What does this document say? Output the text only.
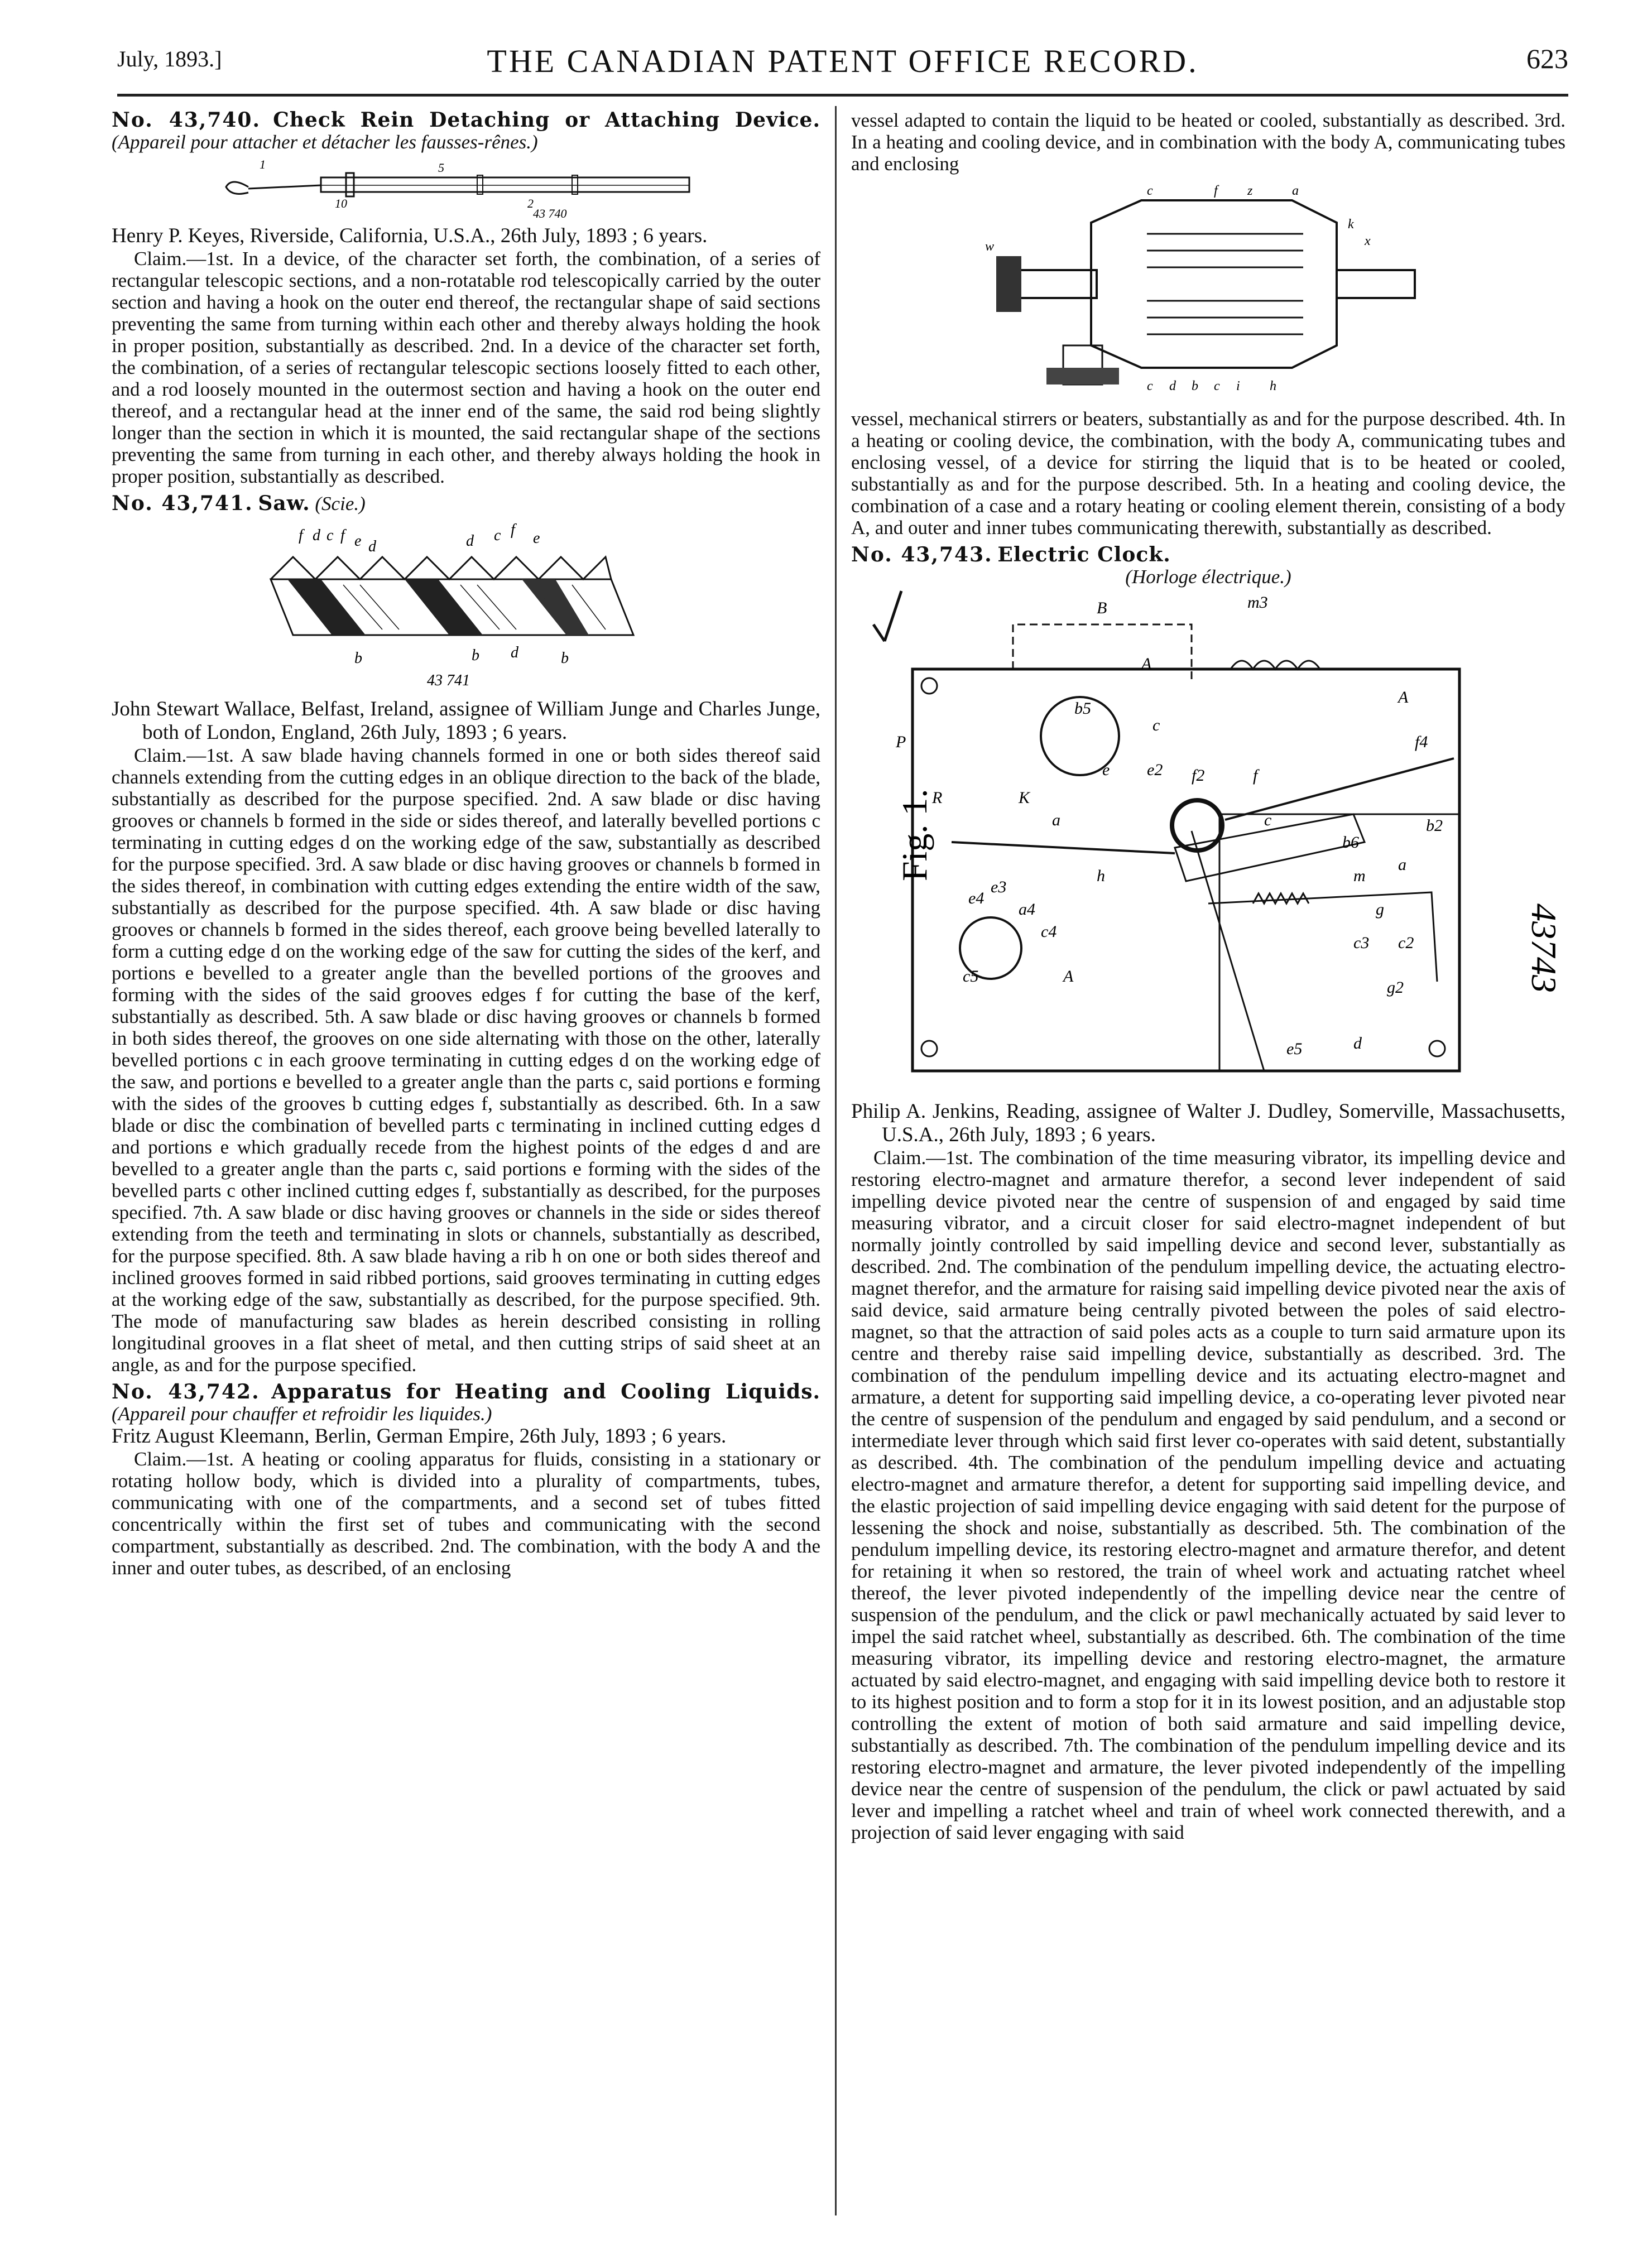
July, 1893.]	THE CANADIAN PATENT OFFICE RECORD.	623

No. 43,740. Check Rein Detaching or Attaching Device. (Appareil pour attacher et détacher les fausses-rênes.)

1
10
5
2
43 740

Henry P. Keyes, Riverside, California, U.S.A., 26th July, 1893 ; 6 years.

Claim.—1st. In a device, of the character set forth, the combination, of a series of rectangular telescopic sections, and a non-rotatable rod telescopically carried by the outer section and having a hook on the outer end thereof, the rectangular shape of said sections preventing the same from turning within each other and thereby always holding the hook in proper position, substantially as described. 2nd. In a device of the character set forth, the combination, of a series of rectangular telescopic sections loosely fitted to each other, and a rod loosely mounted in the outermost section and having a hook on the outer end thereof, and a rectangular head at the inner end of the same, the said rod being slightly longer than the section in which it is mounted, the said rectangular shape of the sections preventing the same from turning in each other, and thereby always holding the hook in proper position, substantially as described.

No. 43,741. Saw. (Scie.)

f d c f e d	d c f e
b	b d	b
43 741

John Stewart Wallace, Belfast, Ireland, assignee of William Junge and Charles Junge, both of London, England, 26th July, 1893 ; 6 years.

Claim.—1st. A saw blade having channels formed in one or both sides thereof said channels extending from the cutting edges in an oblique direction to the back of the blade, substantially as described for the purpose specified. 2nd. A saw blade or disc having grooves or channels b formed in the side or sides thereof, and laterally bevelled portions c terminating in cutting edges d on the working edge of the saw, substantially as described for the purpose specified. 3rd. A saw blade or disc having grooves or channels b formed in the sides thereof, in combination with cutting edges extending the entire width of the saw, substantially as described for the purpose specified. 4th. A saw blade or disc having grooves or channels b formed in the sides thereof, each groove being bevelled laterally to form a cutting edge d on the working edge of the saw for cutting the sides of the kerf, and portions e bevelled to a greater angle than the bevelled portions of the grooves and forming with the sides of the said grooves edges f for cutting the base of the kerf, substantially as described. 5th. A saw blade or disc having grooves or channels b formed in both sides thereof, the grooves on one side alternating with those on the other, laterally bevelled portions c in each groove terminating in cutting edges d on the working edge of the saw, and portions e bevelled to a greater angle than the parts c, said portions e forming with the sides of the grooves b cutting edges f, substantially as described. 6th. In a saw blade or disc the combination of bevelled parts c terminating in inclined cutting edges d and portions e which gradually recede from the highest points of the edges d and are bevelled to a greater angle than the parts c, said portions e forming with the sides of the bevelled parts c other inclined cutting edges f, substantially as described, for the purposes specified. 7th. A saw blade or disc having grooves or channels in the side or sides thereof extending from the teeth and terminating in slots or channels, substantially as described, for the purpose specified. 8th. A saw blade having a rib h on one or both sides thereof and inclined grooves formed in said ribbed portions, said grooves terminating in cutting edges at the working edge of the saw, substantially as described, for the purpose specified. 9th. The mode of manufacturing saw blades as herein described consisting in rolling longitudinal grooves in a flat sheet of metal, and then cutting strips of said sheet at an angle, as and for the purpose specified.

No. 43,742. Apparatus for Heating and Cooling Liquids. (Appareil pour chauffer et refroidir les liquides.)

Fritz August Kleemann, Berlin, German Empire, 26th July, 1893 ; 6 years.

Claim.—1st. A heating or cooling apparatus for fluids, consisting in a stationary or rotating hollow body, which is divided into a plurality of compartments, tubes, communicating with one of the compartments, and a second set of tubes fitted concentrically within the first set of tubes and communicating with the second compartment, substantially as described. 2nd. The combination, with the body A and the inner and outer tubes, as described, of an enclosing

vessel adapted to contain the liquid to be heated or cooled, substantially as described. 3rd. In a heating and cooling device, and in combination with the body A, communicating tubes and enclosing

c	f z	a
k
x
w
c d b c i h

vessel, mechanical stirrers or beaters, substantially as and for the purpose described. 4th. In a heating or cooling device, the combination, with the body A, communicating tubes and enclosing vessel, of a device for stirring the liquid that is to be heated or cooled, substantially as and for the purpose described. 5th. In a heating and cooling device, the combination of a case and a rotary heating or cooling element therein, consisting of a body A, and outer and inner tubes communicating therewith, substantially as described.

No. 43,743. Electric Clock.

(Horloge électrique.)

Fig. 1.
43743
B	m3
A
b5
f2
P
R
e
c
e2	f
f4
a
K
h
c
b6
a
b2
m
g
A
c4
c2
c3
d
e5
g2
a4
A
c5
e4
e3

Philip A. Jenkins, Reading, assignee of Walter J. Dudley, Somerville, Massachusetts, U.S.A., 26th July, 1893 ; 6 years.

Claim.—1st. The combination of the time measuring vibrator, its impelling device and restoring electro-magnet and armature therefor, a second lever independent of said impelling device pivoted near the centre of suspension of and engaged by said time measuring vibrator, and a circuit closer for said electro-magnet independent of but normally jointly controlled by said impelling device and second lever, substantially as described. 2nd. The combination of the pendulum impelling device, the actuating electro-magnet therefor, and the armature for raising said impelling device pivoted near the axis of said device, said armature being centrally pivoted between the poles of said electro-magnet, so that the attraction of said poles acts as a couple to turn said armature upon its centre and thereby raise said impelling device, substantially as described. 3rd. The combination of the pendulum impelling device and its actuating electro-magnet and armature, a detent for supporting said impelling device, a co-operating lever pivoted near the centre of suspension of the pendulum and engaged by said pendulum, and a second or intermediate lever through which said first lever co-operates with said detent, substantially as described. 4th. The combination of the pendulum impelling device and actuating electro-magnet and armature therefor, a detent for supporting said impelling device, and the elastic projection of said impelling device engaging with said detent for the purpose of lessening the shock and noise, substantially as described. 5th. The combination of the pendulum impelling device, its restoring electro-magnet and armature therefor, and detent for retaining it when so restored, the train of wheel work and actuating ratchet wheel thereof, the lever pivoted independently of the impelling device near the centre of suspension of the pendulum, and the click or pawl mechanically actuated by said lever to impel the said ratchet wheel, substantially as described. 6th. The combination of the time measuring vibrator, its impelling device and restoring electro-magnet, the armature actuated by said electro-magnet, and engaging with said impelling device both to restore it to its highest position and to form a stop for it in its lowest position, and an adjustable stop controlling the extent of motion of both said armature and said impelling device, substantially as described. 7th. The combination of the pendulum impelling device and its restoring electro-magnet and armature, the lever pivoted independently of the impelling device near the centre of suspension of the pendulum, the click or pawl actuated by said lever and impelling a ratchet wheel and train of wheel work connected therewith, and a projection of said lever engaging with said
